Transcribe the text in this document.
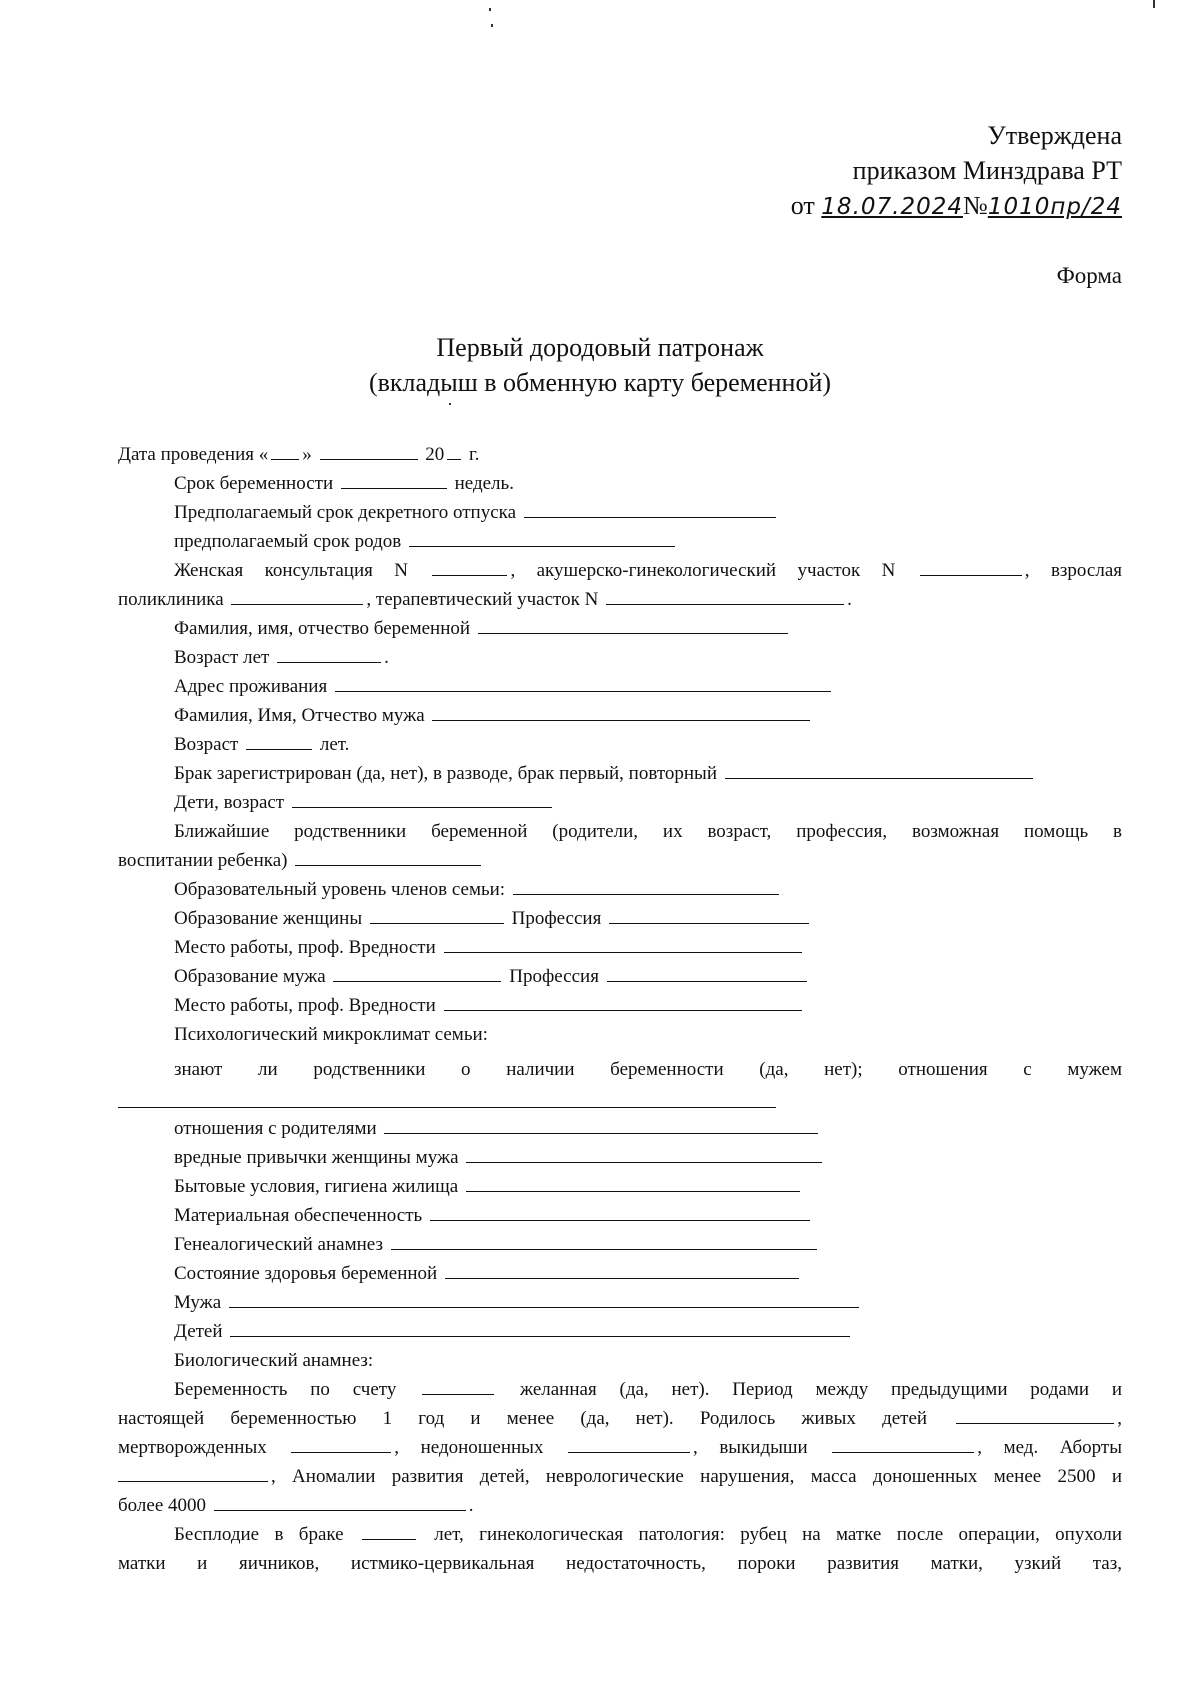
Утверждена
приказом Минздрава РТ
от 18.07.2024№1010пр/24
Форма
Первый дородовый патронаж
(вкладыш в обменную карту беременной)
Дата проведения « »	20 г.
Срок беременности	недель.
Предполагаемый срок декретного отпуска
предполагаемый срок родов
Женская консультация N	, акушерско-гинекологический участок N	, взрослая
поликлиника	, терапевтический участок N	.
Фамилия, имя, отчество беременной
Возраст лет	.
Адрес проживания
Фамилия, Имя, Отчество мужа
Возраст	лет.
Брак зарегистрирован (да, нет), в разводе, брак первый, повторный
Дети, возраст
Ближайшие родственники беременной (родители, их возраст, профессия, возможная помощь в
воспитании ребенка)
Образовательный уровень членов семьи:
Образование женщины	Профессия
Место работы, проф. Вредности
Образование мужа	Профессия
Место работы, проф. Вредности
Психологический микроклимат семьи:
знают ли родственники о наличии беременности (да, нет); отношения с мужем
отношения с родителями
вредные привычки женщины мужа
Бытовые условия, гигиена жилища
Материальная обеспеченность
Генеалогический анамнез
Состояние здоровья беременной
Мужа
Детей
Биологический анамнез:
Беременность по счету	желанная (да, нет). Период между предыдущими родами и
настоящей беременностью 1 год и менее (да, нет). Родилось живых детей	,
мертворожденных	, недоношенных	, выкидыши	, мед. Аборты
, Аномалии развития детей, неврологические нарушения, масса доношенных менее 2500 и
более 4000	.
Бесплодие в браке	лет, гинекологическая патология: рубец на матке после операции, опухоли
матки и яичников, истмико-цервикальная недостаточность, пороки развития матки, узкий таз,
